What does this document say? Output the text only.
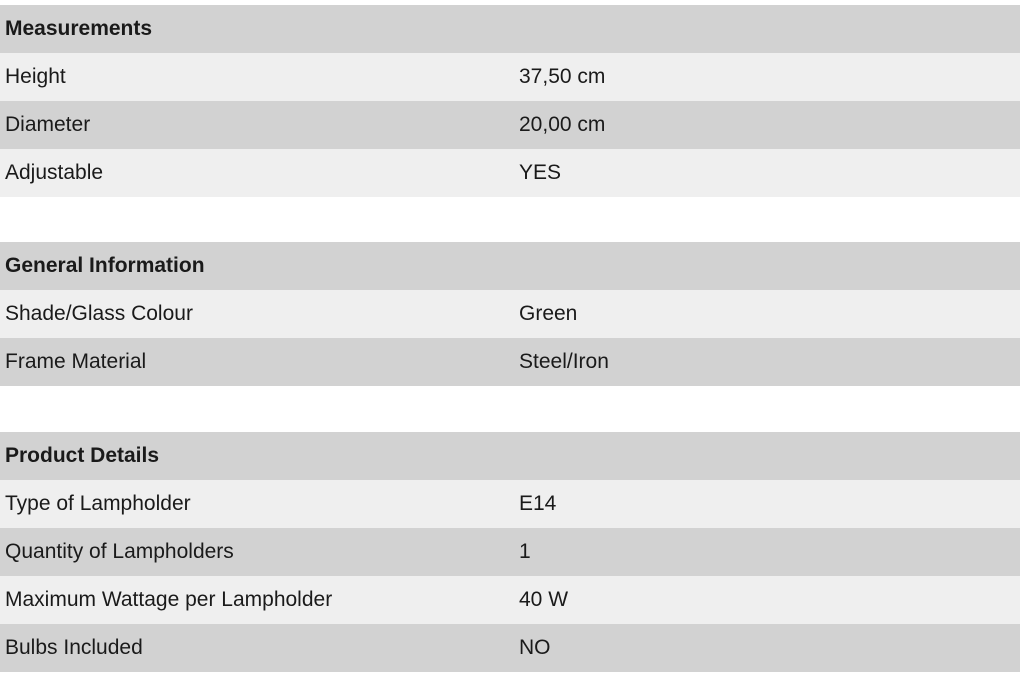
Measurements
Height	37,50 cm
Diameter	20,00 cm
Adjustable	YES
General Information
Shade/Glass Colour	Green
Frame Material	Steel/Iron
Product Details
Type of Lampholder	E14
Quantity of Lampholders	1
Maximum Wattage per Lampholder	40 W
Bulbs Included	NO
